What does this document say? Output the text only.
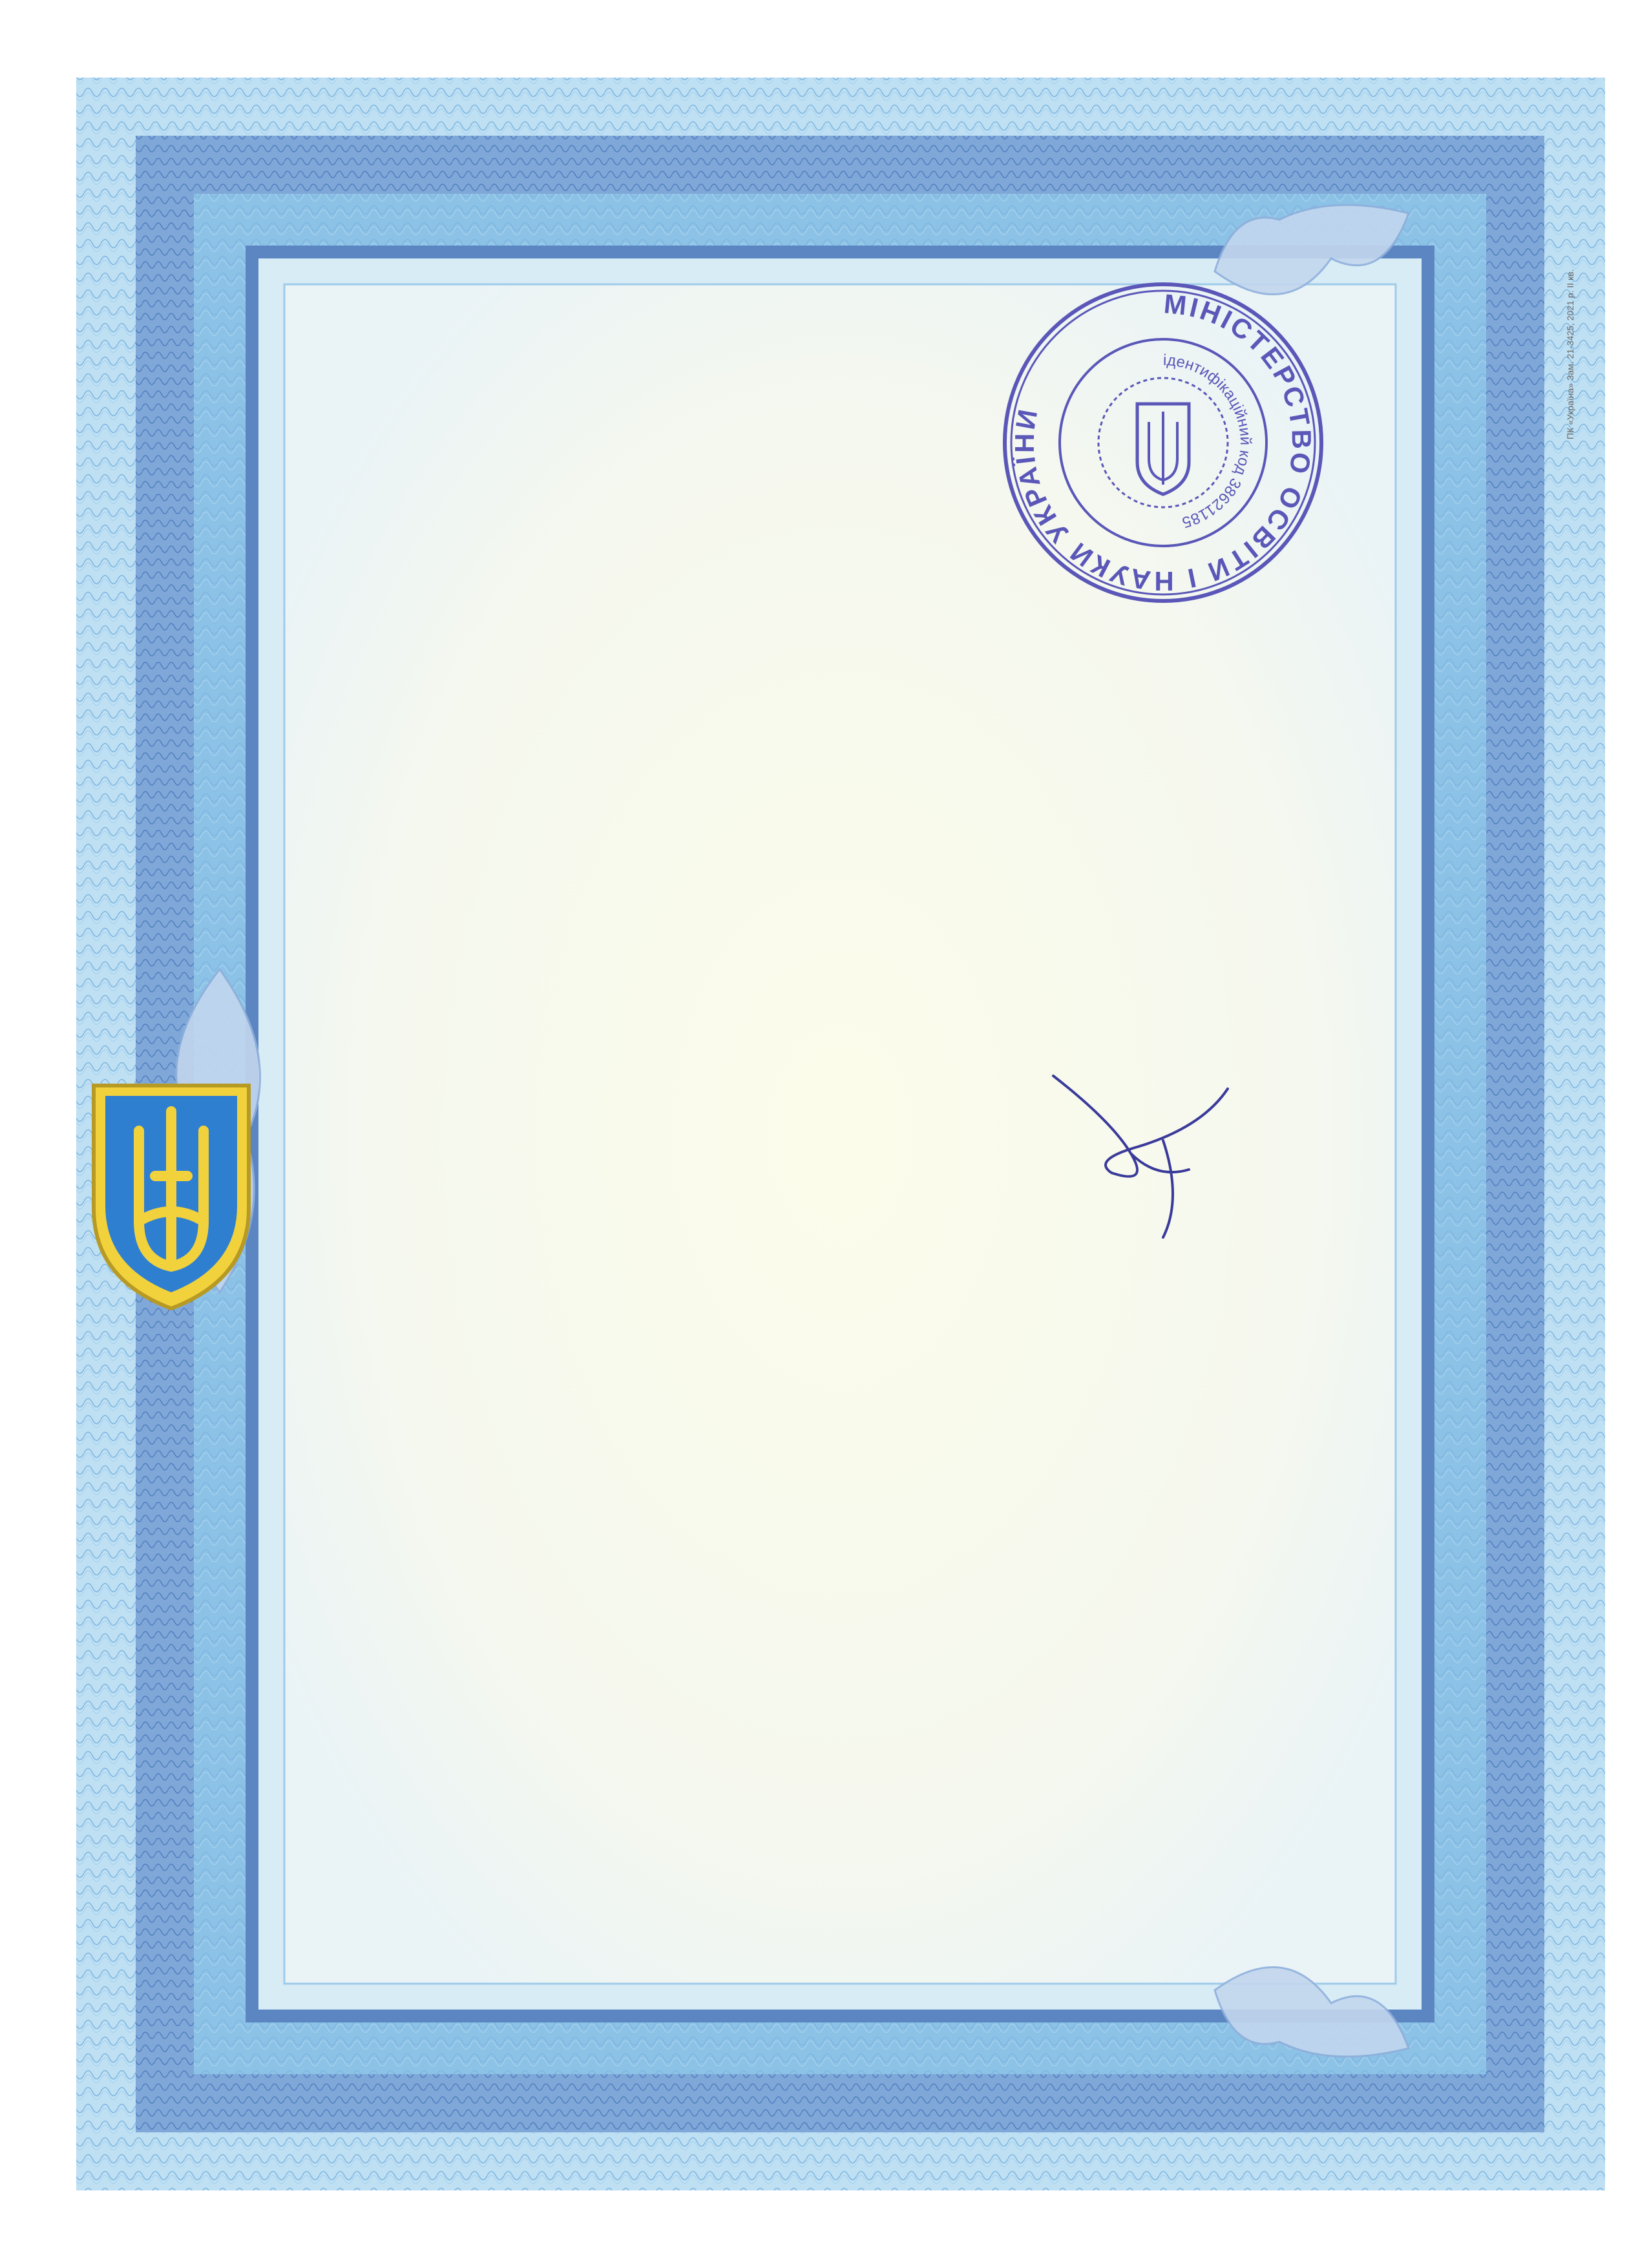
МІНІСТЕРСТВО ОСВІТИ І НАУКИ УКРАЇНИ
ідентифікаційний код 38621185
ПК «Україна» Зам. 21-3425, 2021 р. II кв.
